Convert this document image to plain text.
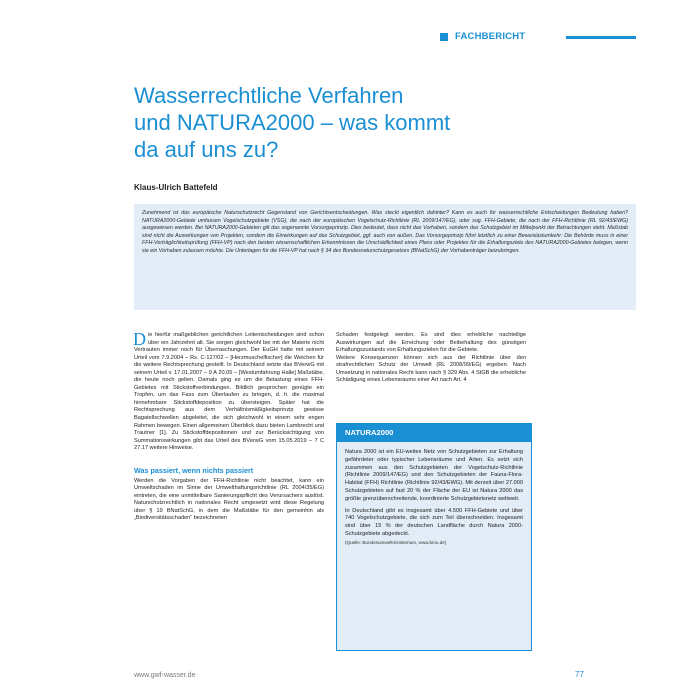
FACHBERICHT
Wasserrechtliche Verfahren
und NATURA2000 – was kommt
da auf uns zu?
Klaus-Ulrich Battefeld

Zunehmend ist das europäische Naturschutzrecht Gegenstand von Gerichtsentscheidungen. Was steckt eigentlich dahinter? Kann es auch für wasserrechtliche Entscheidungen Bedeutung haben? NATURA2000-Gebiete umfassen Vogelschutzgebiete (VSG), die nach der europäischen Vogelschutz-Richtlinie (RL 2009/147/EG), oder sog. FFH-Gebiete, die nach der FFH-Richtlinie (RL 92/43/EWG) ausgewiesen werden. Bei NATURA2000-Gebieten gilt das sogenannte Vorsorgeprinzip. Dies bedeutet, dass nicht das Vorhaben, sondern das Schutzgebiet im Mittelpunkt der Betrachtungen steht. Maßstab sind nicht die Auswirkungen von Projekten, sondern die Einwirkungen auf das Schutzgebiet, ggf. auch von außen. Das Vorsorgeprinzip führt letztlich zu einer Beweislastumkehr: Die Behörde muss in einer FFH-Verträglichkeitsprüfung (FFH-VP) nach den besten wissenschaftlichen Erkenntnissen die Unschädlichkeit eines Plans oder Projektes für die Erhaltungsziele des NATURA2000-Gebietes belegen, wenn sie ein Vorhaben zulassen möchte. Die Unterlagen für die FFH-VP hat nach § 34 des Bundesnaturschutzgesetzes (BNatSchG) der Vorhabenträger beizubringen.

Die hierfür maßgeblichen gerichtlichen Leitentscheidungen sind schon über ein Jahrzehnt alt. Sie sorgen gleichwohl bei mit der Materie nicht Vertrauten immer noch für Überraschungen. Der EuGH hatte mit seinem Urteil vom 7.9.2004 – Rs. C-127/02 – [Herzmuschelfischer] die Weichen für die weitere Rechtsprechung gestellt. In Deutschland setzte das BVerwG mit seinem Urteil v. 17.01.2007 – 9 A 20.05 – [Westumfahrung Halle] Maßstäbe, die heute noch gelten. Damals ging es um die Belastung eines FFH-Gebietes mit Stickstoffverbindungen. Bildlich gesprochen genügte ein Tropfen, um das Fass zum Überlaufen zu bringen, d. h. die maximal hinnehmbare Stickstoffdeposition zu übersteigen. Später hat die Rechtsprechung aus dem Verhältnismäßigkeitsprinzip gewisse Bagatellschwellen abgeleitet, die sich gleichwohl in einem sehr engen Rahmen bewegen. Einen allgemeinen Überblick dazu bieten Lambrecht und Trautner [1]. Zu Stickstoffdepositionen und zur Berücksichtigung von Summationswirkungen gibt das Urteil des BVerwG vom 15.05.2019 – 7 C 27.17 weitere Hinweise.

Was passiert, wenn nichts passiert

Werden die Vorgaben der FFH-Richtlinie nicht beachtet, kann ein Umweltschaden im Sinne der Umwelthaftungsrichtlinie (RL 2004/35/EG) eintreten, die eine unmittelbare Sanierungspflicht des Verursachers auslöst. Naturschutzrechtlich in nationales Recht umgesetzt wird diese Regelung über § 19 BNatSchG, in dem die Maßstäbe für den gemeinhin als „Biodiversitätsschaden“ bezeichneten

Schaden festgelegt werden. Es sind dies erhebliche nachteilige Auswirkungen auf die Erreichung oder Beibehaltung des günstigen Erhaltungszustands von Erhaltungszielen für die Gebiete.

Weitere Konsequenzen können sich aus der Richtlinie über den strafrechtlichen Schutz der Umwelt (RL 2008/99/EG) ergeben. Nach Umsetzung in nationales Recht kann nach § 329 Abs. 4 StGB die erhebliche Schädigung eines Lebensraums einer Art nach Art. 4

NATURA2000

Natura 2000 ist ein EU-weites Netz von Schutzgebieten zur Erhaltung gefährdeter oder typischer Lebensräume und Arten. Es setzt sich zusammen aus den Schutzgebieten der Vogelschutz-Richtlinie (Richtlinie 2009/147/EG) und den Schutzgebieten der Fauna-Flora-Habitat (FFH) Richtlinie (Richtlinie 92/43/EWG). Mit derzeit über 27.000 Schutzgebieten auf fast 20 % der Fläche der EU ist Natura 2000 das größte grenzüberschreitende, koordinierte Schutzgebietsnetz weltweit.

In Deutschland gibt es insgesamt über 4.500 FFH-Gebiete und über 740 Vogelschutzgebiete, die sich zum Teil überschneiden. Insgesamt sind über 15 % der deutschen Landfläche durch Natura 2000-Schutzgebiete abgedeckt.

(Quelle: Bundesumweltministerium, www.bmu.de)

www.gwf-wasser.de	77
